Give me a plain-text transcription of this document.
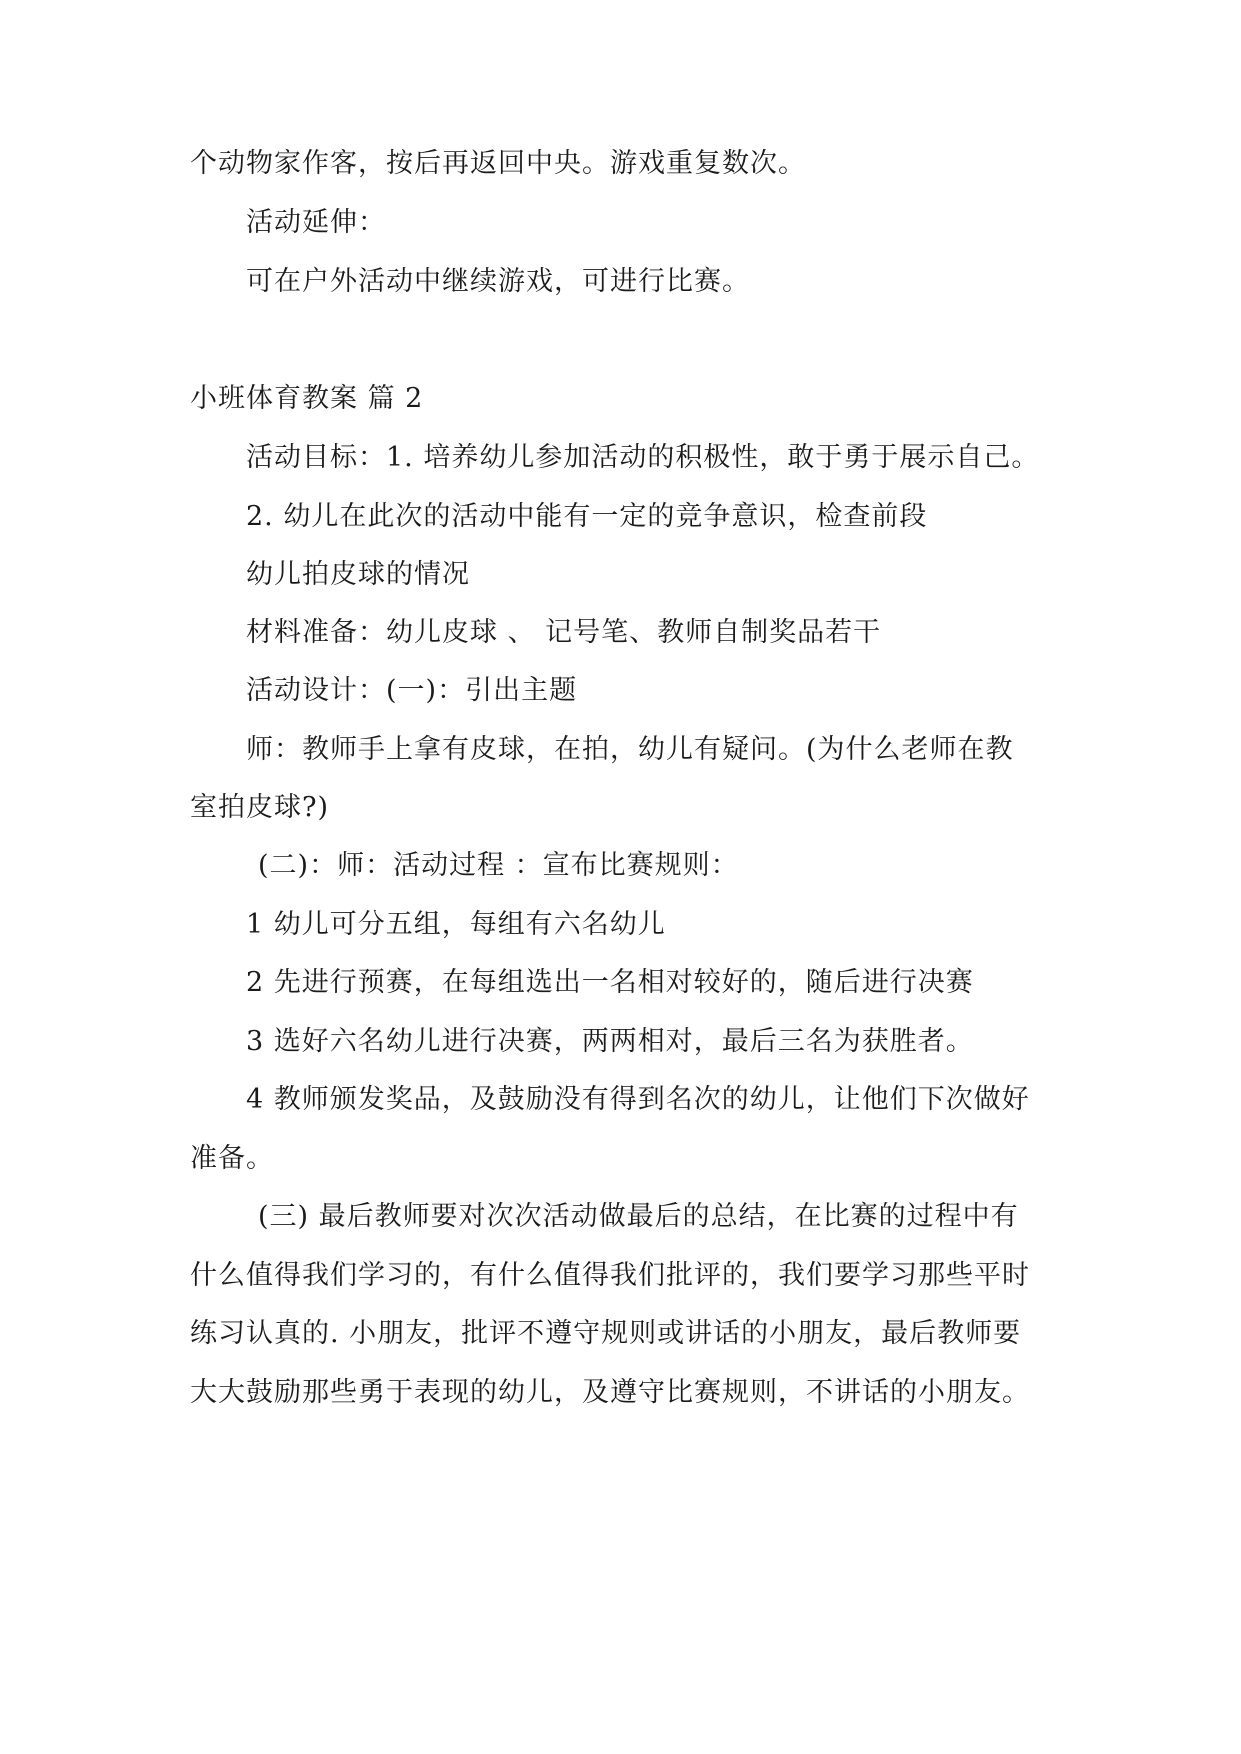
个动物家作客，按后再返回中央。游戏重复数次。
活动延伸：
可在户外活动中继续游戏，可进行比赛。
小班体育教案 篇 2
活动目标：1. 培养幼儿参加活动的积极性，敢于勇于展示自己。
2. 幼儿在此次的活动中能有一定的竞争意识，检查前段
幼儿拍皮球的情况
材料准备：幼儿皮球 、 记号笔、教师自制奖品若干
活动设计：(一)：引出主题
师：教师手上拿有皮球，在拍，幼儿有疑问。(为什么老师在教
室拍皮球?)
(二)：师：活动过程 ：宣布比赛规则：
1 幼儿可分五组，每组有六名幼儿
2 先进行预赛，在每组选出一名相对较好的，随后进行决赛
3 选好六名幼儿进行决赛，两两相对，最后三名为获胜者。
4 教师颁发奖品，及鼓励没有得到名次的幼儿，让他们下次做好
准备。
(三) 最后教师要对次次活动做最后的总结，在比赛的过程中有
什么值得我们学习的，有什么值得我们批评的，我们要学习那些平时
练习认真的. 小朋友，批评不遵守规则或讲话的小朋友，最后教师要
大大鼓励那些勇于表现的幼儿，及遵守比赛规则，不讲话的小朋友。
